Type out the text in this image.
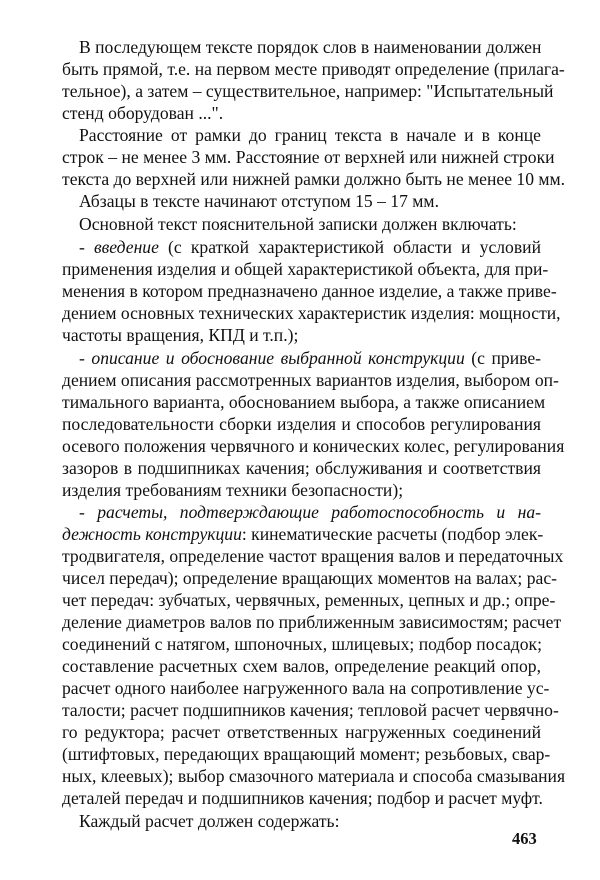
В последующем тексте порядок слов в наименовании должен
быть прямой, т.е. на первом месте приводят определение (прилага-
тельное), а затем – существительное, например: "Испытательный
стенд оборудован ...".
Расстояние от рамки до границ текста в начале и в конце
строк – не менее 3 мм. Расстояние от верхней или нижней строки
текста до верхней или нижней рамки должно быть не менее 10 мм.
Абзацы в тексте начинают отступом 15 – 17 мм.
Основной текст пояснительной записки должен включать:
- введение (с краткой характеристикой области и условий
применения изделия и общей характеристикой объекта, для при-
менения в котором предназначено данное изделие, а также приве-
дением основных технических характеристик изделия: мощности,
частоты вращения, КПД и т.п.);
- описание и обоснование выбранной конструкции (с приве-
дением описания рассмотренных вариантов изделия, выбором оп-
тимального варианта, обоснованием выбора, а также описанием
последовательности сборки изделия и способов регулирования
осевого положения червячного и конических колес, регулирования
зазоров в подшипниках качения; обслуживания и соответствия
изделия требованиям техники безопасности);
- расчеты, подтверждающие работоспособность и на-
дежность конструкции: кинематические расчеты (подбор элек-
тродвигателя, определение частот вращения валов и передаточных
чисел передач); определение вращающих моментов на валах; рас-
чет передач: зубчатых, червячных, ременных, цепных и др.; опре-
деление диаметров валов по приближенным зависимостям; расчет
соединений с натягом, шпоночных, шлицевых; подбор посадок;
составление расчетных схем валов, определение реакций опор,
расчет одного наиболее нагруженного вала на сопротивление ус-
талости; расчет подшипников качения; тепловой расчет червячно-
го редуктора; расчет ответственных нагруженных соединений
(штифтовых, передающих вращающий момент; резьбовых, свар-
ных, клеевых); выбор смазочного материала и способа смазывания
деталей передач и подшипников качения; подбор и расчет муфт.
Каждый расчет должен содержать:
463
